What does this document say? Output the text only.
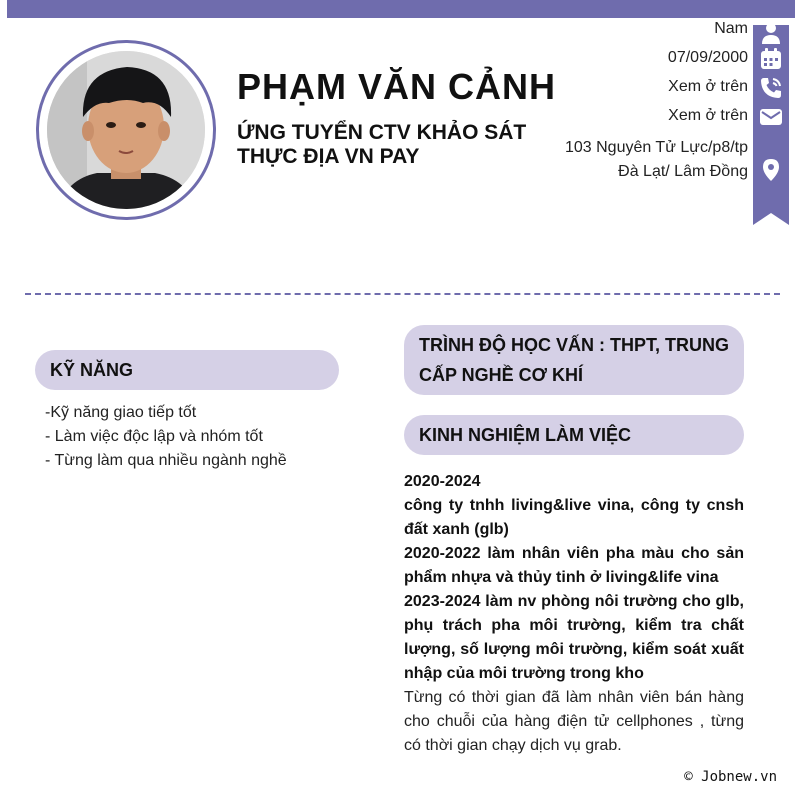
PHẠM VĂN CẢNH
ỨNG TUYỂN CTV KHẢO SÁT THỰC ĐỊA VN PAY
Nam
07/09/2000
Xem ở trên
Xem ở trên
103 Nguyên Tử Lực/p8/tp Đà Lạt/ Lâm Đồng
KỸ NĂNG
-Kỹ năng giao tiếp tốt
- Làm việc độc lập và nhóm tốt
- Từng làm qua nhiều ngành nghề
TRÌNH ĐỘ HỌC VẤN : THPT, TRUNG CẤP NGHỀ CƠ KHÍ
KINH NGHIỆM LÀM VIỆC
2020-2024
công ty tnhh living&live vina, công ty cnsh đất xanh (glb)
2020-2022 làm nhân viên pha màu cho sản phẩm nhựa và thủy tinh ở living&life vina
2023-2024 làm nv phòng nôi trường cho glb, phụ trách pha môi trường, kiểm tra chất lượng, số lượng môi trường, kiểm soát xuất nhập của môi trường trong kho
Từng có thời gian đã làm nhân viên bán hàng cho chuỗi của hàng điện tử cellphones , từng có thời gian chạy dịch vụ grab.
© Jobnew.vn
